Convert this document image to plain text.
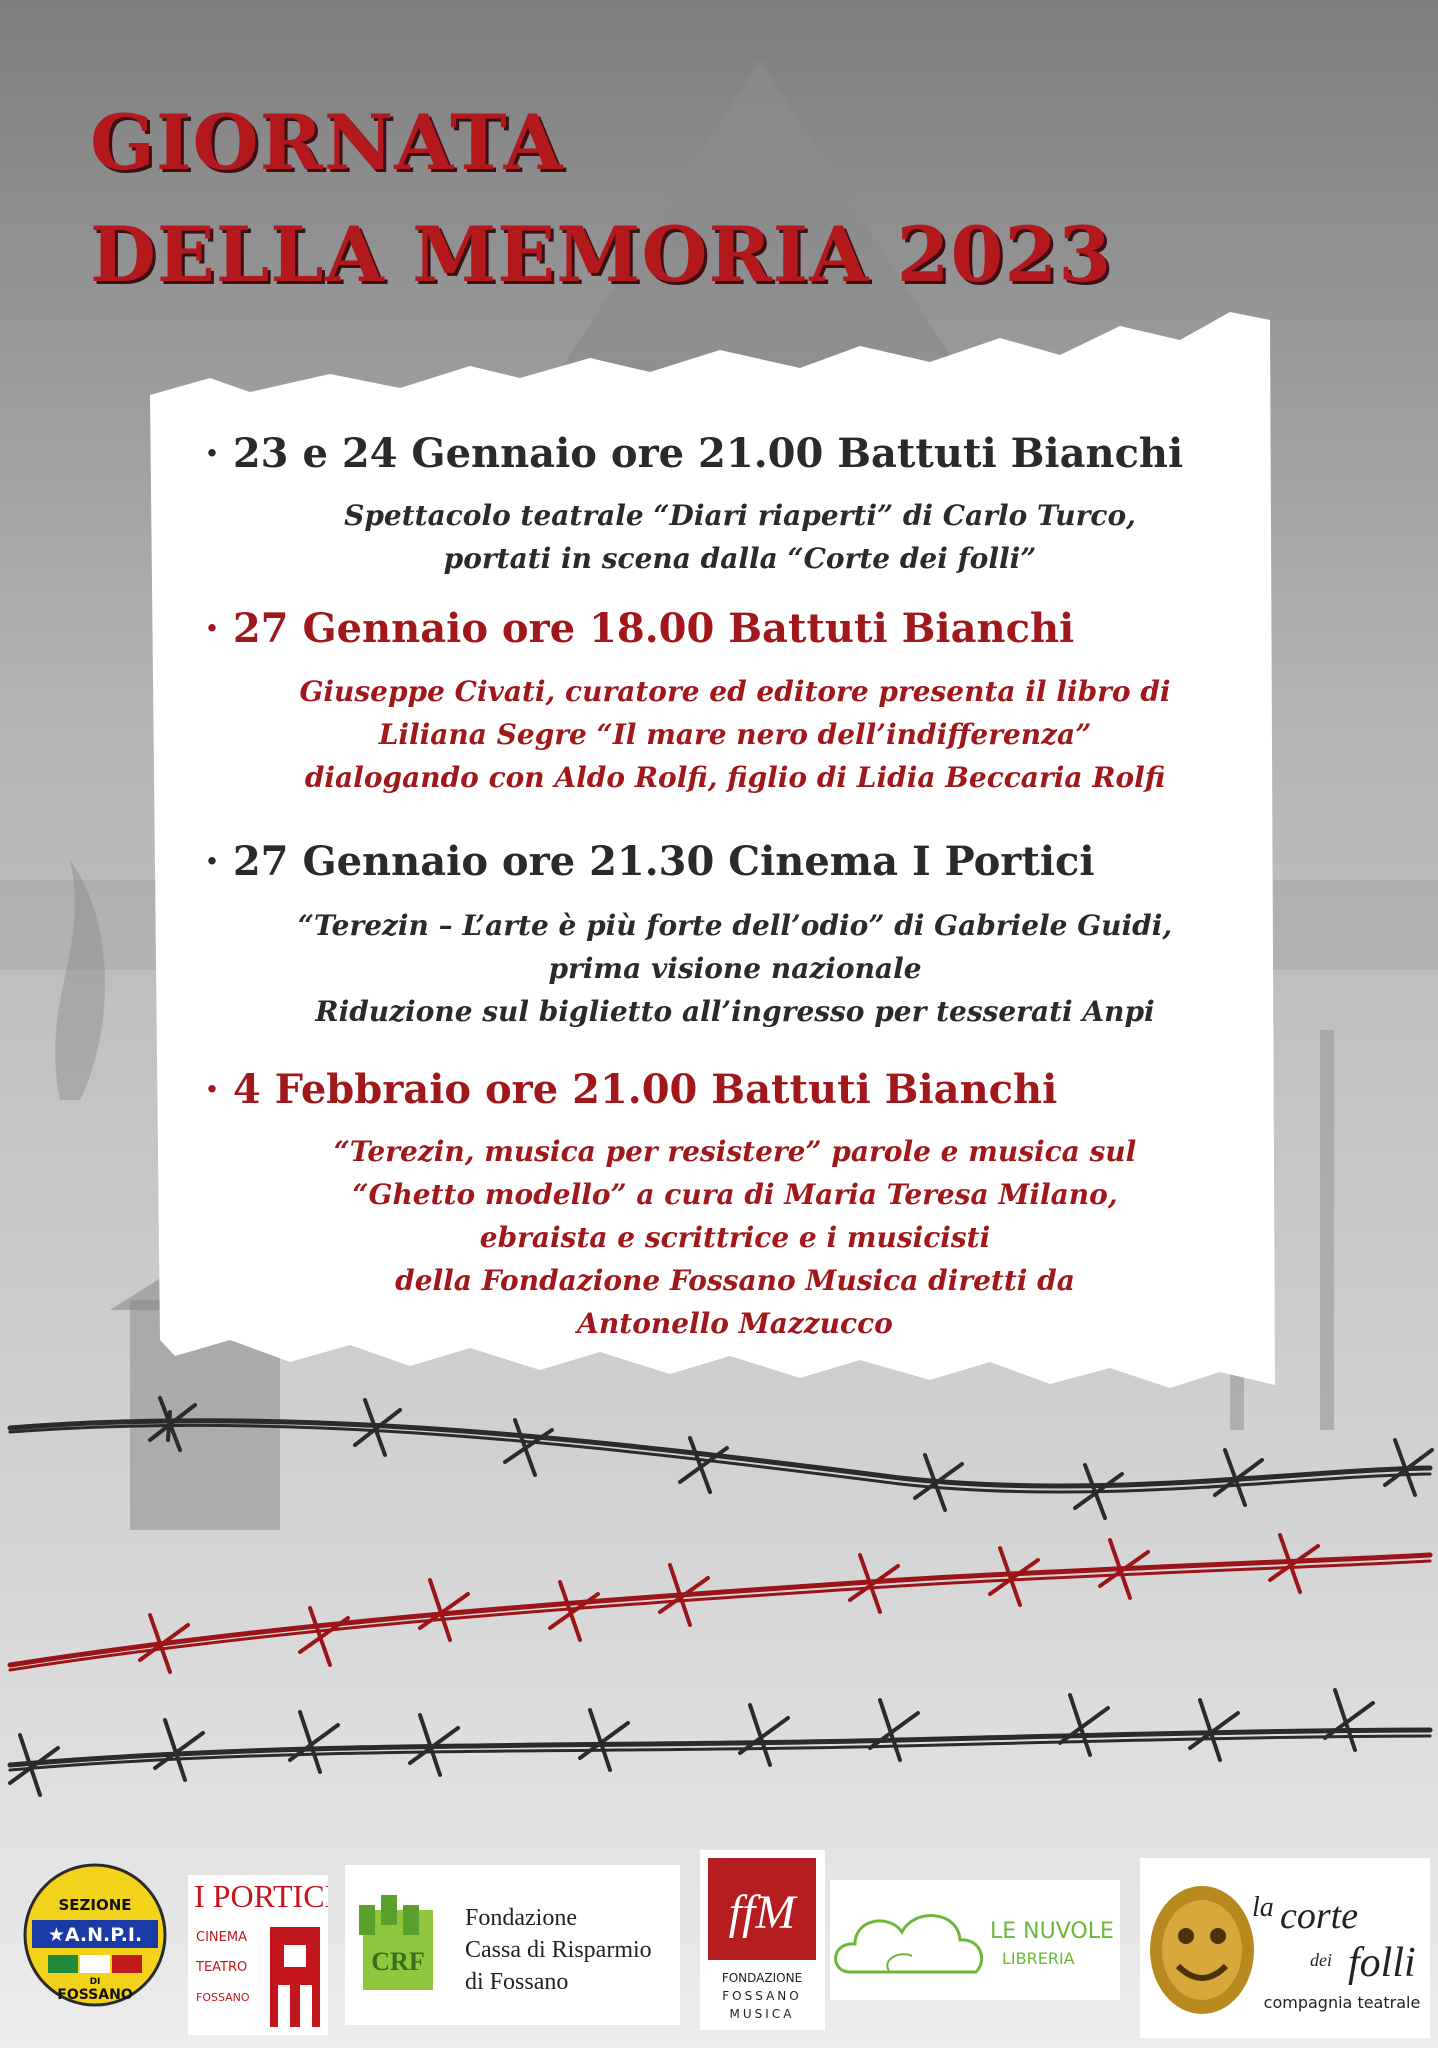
GIORNATA
DELLA MEMORIA 2023

· 23 e 24 Gennaio ore 21.00 Battuti Bianchi

Spettacolo teatrale “Diari riaperti” di Carlo Turco,
portati in scena dalla “Corte dei folli”

· 27 Gennaio ore 18.00 Battuti Bianchi

Giuseppe Civati, curatore ed editore presenta il libro di
Liliana Segre “Il mare nero dell’indifferenza”
dialogando con Aldo Rolfi, figlio di Lidia Beccaria Rolfi

· 27 Gennaio ore 21.30 Cinema I Portici

“Terezin – L’arte è più forte dell’odio” di Gabriele Guidi,
prima visione nazionale
Riduzione sul biglietto all’ingresso per tesserati Anpi

· 4 Febbraio ore 21.00 Battuti Bianchi

“Terezin, musica per resistere” parole e musica sul
“Ghetto modello” a cura di Maria Teresa Milano,
ebraista e scrittrice e i musicisti
della Fondazione Fossano Musica diretti da
Antonello Mazzucco

SEZIONE
★A.N.P.I.
DI
FOSSANO
I PORTICI
CINEMA
TEATRO
FOSSANO
CRF
Fondazione
Cassa di Risparmio
di Fossano
ffM
FONDAZIONE
FOSSANO
MUSICA
LE NUVOLE
LIBRERIA
la corte
dei folli
compagnia teatrale
